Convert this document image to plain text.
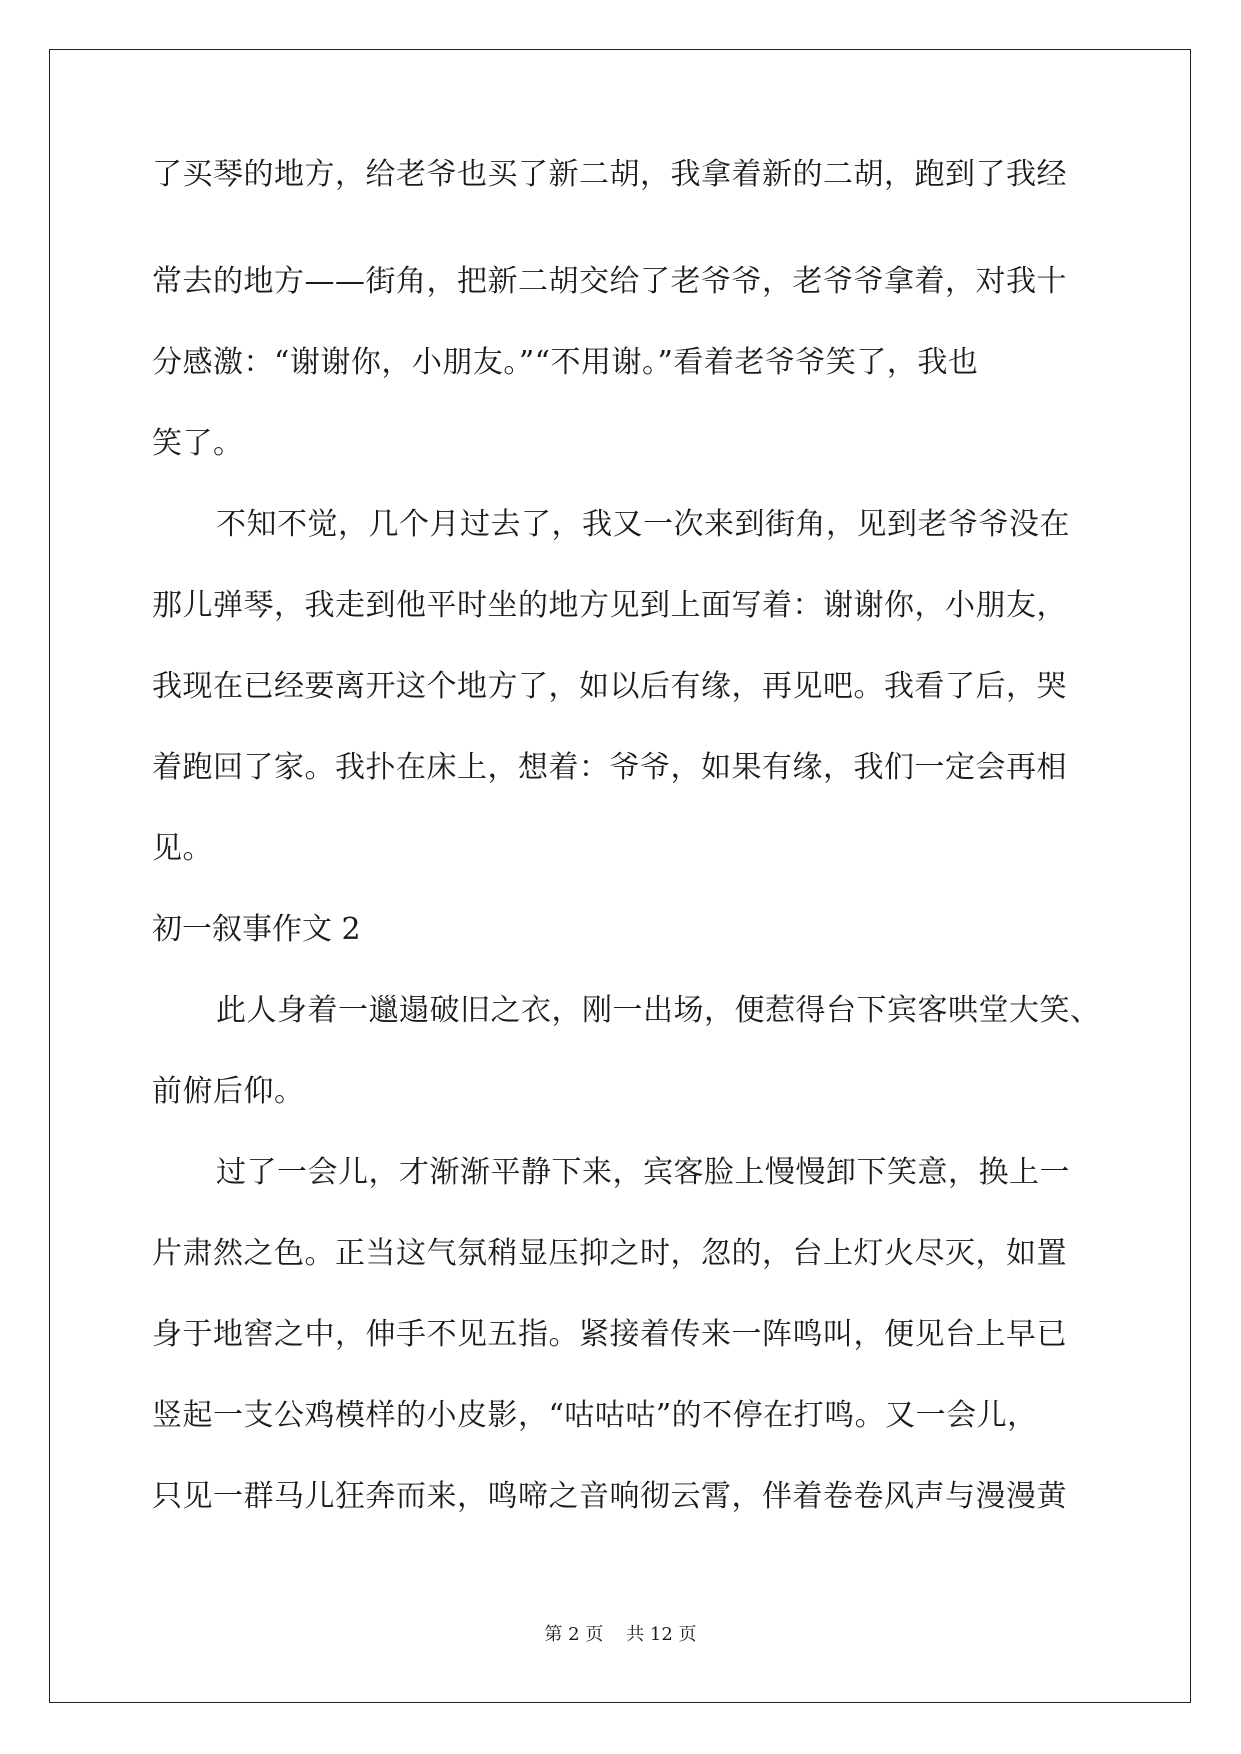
了买琴的地方，给老爷也买了新二胡，我拿着新的二胡，跑到了我经

常去的地方——街角，把新二胡交给了老爷爷，老爷爷拿着，对我十

分感激：“谢谢你，小朋友。”“不用谢。”看着老爷爷笑了，我也

笑了。

不知不觉，几个月过去了，我又一次来到街角，见到老爷爷没在

那儿弹琴，我走到他平时坐的地方见到上面写着：谢谢你，小朋友，

我现在已经要离开这个地方了，如以后有缘，再见吧。我看了后，哭

着跑回了家。我扑在床上，想着：爷爷，如果有缘，我们一定会再相

见。

初一叙事作文 2

此人身着一邋遢破旧之衣，刚一出场，便惹得台下宾客哄堂大笑、

前俯后仰。

过了一会儿，才渐渐平静下来，宾客脸上慢慢卸下笑意，换上一

片肃然之色。正当这气氛稍显压抑之时，忽的，台上灯火尽灭，如置

身于地窖之中，伸手不见五指。紧接着传来一阵鸣叫，便见台上早已

竖起一支公鸡模样的小皮影，“咕咕咕”的不停在打鸣。又一会儿，

只见一群马儿狂奔而来，鸣啼之音响彻云霄，伴着卷卷风声与漫漫黄

第 2 页    共 12 页
